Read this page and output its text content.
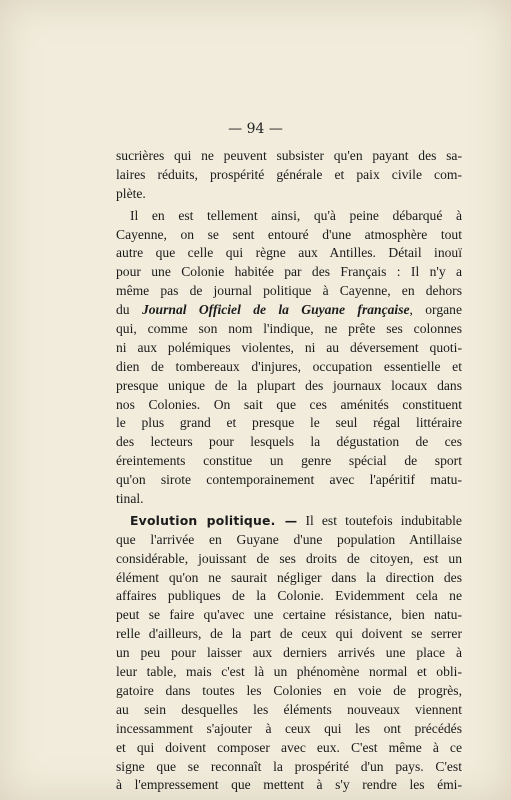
— 94 —
sucrières qui ne peuvent subsister qu'en payant des sa-
laires réduits, prospérité générale et paix civile com-
plète.
Il en est tellement ainsi, qu'à peine débarqué à
Cayenne, on se sent entouré d'une atmosphère tout
autre que celle qui règne aux Antilles. Détail inouï
pour une Colonie habitée par des Français : Il n'y a
même pas de journal politique à Cayenne, en dehors
du Journal Officiel de la Guyane française, organe
qui, comme son nom l'indique, ne prête ses colonnes
ni aux polémiques violentes, ni au déversement quoti-
dien de tombereaux d'injures, occupation essentielle et
presque unique de la plupart des journaux locaux dans
nos Colonies. On sait que ces aménités constituent
le plus grand et presque le seul régal littéraire
des lecteurs pour lesquels la dégustation de ces
éreintements constitue un genre spécial de sport
qu'on sirote contemporainement avec l'apéritif matu-
tinal.
Evolution politique. — Il est toutefois indubitable
que l'arrivée en Guyane d'une population Antillaise
considérable, jouissant de ses droits de citoyen, est un
élément qu'on ne saurait négliger dans la direction des
affaires publiques de la Colonie. Evidemment cela ne
peut se faire qu'avec une certaine résistance, bien natu-
relle d'ailleurs, de la part de ceux qui doivent se serrer
un peu pour laisser aux derniers arrivés une place à
leur table, mais c'est là un phénomène normal et obli-
gatoire dans toutes les Colonies en voie de progrès,
au sein desquelles les éléments nouveaux viennent
incessamment s'ajouter à ceux qui les ont précédés
et qui doivent composer avec eux. C'est même à ce
signe que se reconnaît la prospérité d'un pays. C'est
à l'empressement que mettent à s'y rendre les émi-
